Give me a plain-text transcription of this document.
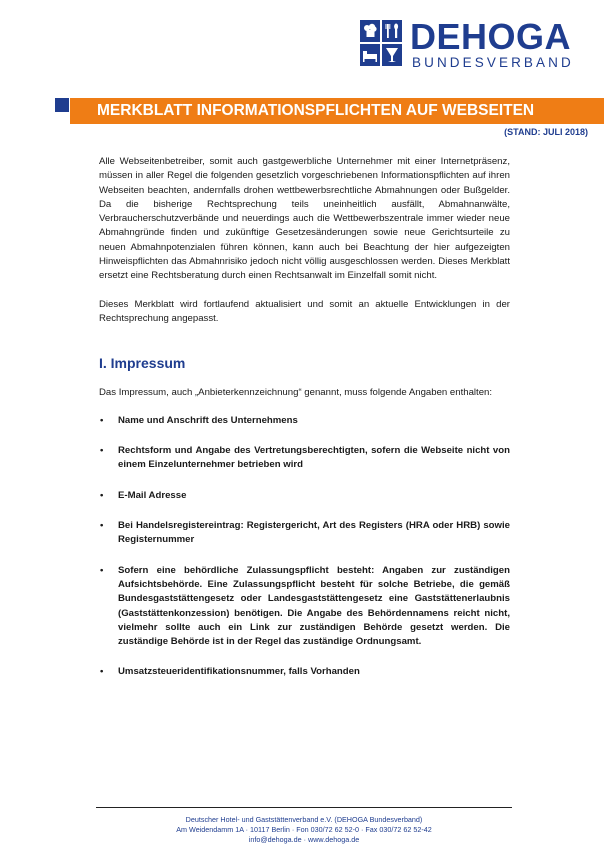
DEHOGA
BUNDESVERBAND
MERKBLATT INFORMATIONSPFLICHTEN AUF WEBSEITEN
(STAND: JULI 2018)

Alle Webseitenbetreiber, somit auch gastgewerbliche Unternehmer mit einer Internetpräsenz, müssen in aller Regel die folgenden gesetzlich vorgeschriebenen Informationspflichten auf ihren Webseiten beachten, andernfalls drohen wettbewerbsrechtliche Abmahnungen oder Bußgelder. Da die bisherige Rechtsprechung teils uneinheitlich ausfällt, Abmahnanwälte, Verbraucherschutzverbände und neuerdings auch die Wettbewerbszentrale immer wieder neue Abmahngründe finden und zukünftige Gesetzesänderungen sowie neue Gerichtsurteile zu neuen Abmahnpotenzialen führen können, kann auch bei Beachtung der hier aufgezeigten Hinweispflichten das Abmahnrisiko jedoch nicht völlig ausgeschlossen werden. Dieses Merkblatt ersetzt eine Rechtsberatung durch einen Rechtsanwalt im Einzelfall somit nicht.

Dieses Merkblatt wird fortlaufend aktualisiert und somit an aktuelle Entwicklungen in der Rechtsprechung angepasst.

I. Impressum

Das Impressum, auch „Anbieterkennzeichnung“ genannt, muss folgende Angaben enthalten:

• Name und Anschrift des Unternehmens
• Rechtsform und Angabe des Vertretungsberechtigten, sofern die Webseite nicht von einem Einzelunternehmer betrieben wird
• E-Mail Adresse
• Bei Handelsregistereintrag: Registergericht, Art des Registers (HRA oder HRB) sowie Registernummer
• Sofern eine behördliche Zulassungspflicht besteht: Angaben zur zuständigen Aufsichtsbehörde. Eine Zulassungspflicht besteht für solche Betriebe, die gemäß Bundesgaststättengesetz oder Landesgaststättengesetz eine Gaststättenerlaubnis (Gaststättenkonzession) benötigen. Die Angabe des Behördennamens reicht nicht, vielmehr sollte auch ein Link zur zuständigen Behörde gesetzt werden. Die zuständige Behörde ist in der Regel das zuständige Ordnungsamt.
• Umsatzsteueridentifikationsnummer, falls Vorhanden
Deutscher Hotel- und Gaststättenverband e.V. (DEHOGA Bundesverband)
Am Weidendamm 1A · 10117 Berlin · Fon 030/72 62 52-0 · Fax 030/72 62 52-42
info@dehoga.de · www.dehoga.de
